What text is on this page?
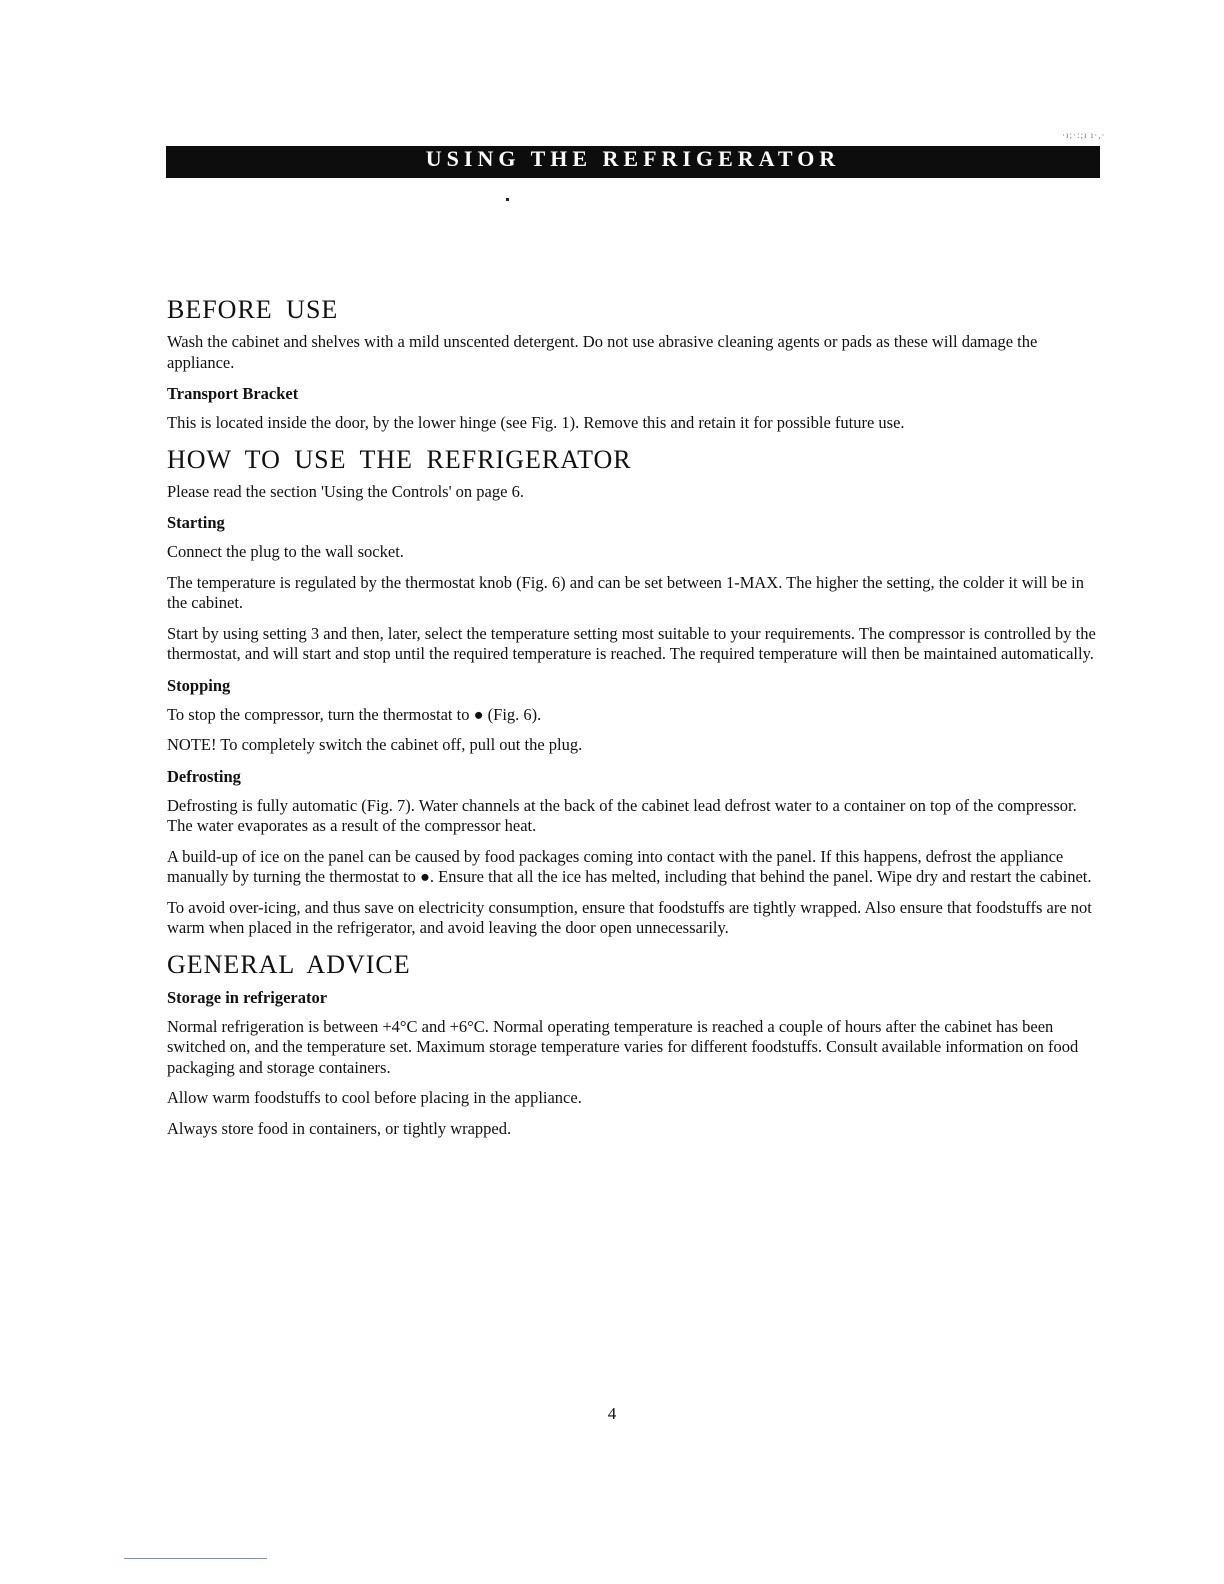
·ı;·:;ı ı·,·
USING THE REFRIGERATOR
BEFORE USE

Wash the cabinet and shelves with a mild unscented detergent. Do not use abrasive cleaning agents or pads as these will damage the appliance.

Transport Bracket

This is located inside the door, by the lower hinge (see Fig. 1). Remove this and retain it for possible future use.

HOW TO USE THE REFRIGERATOR

Please read the section 'Using the Controls' on page 6.

Starting

Connect the plug to the wall socket.

The temperature is regulated by the thermostat knob (Fig. 6) and can be set between 1-MAX. The higher the setting, the colder it will be in the cabinet.

Start by using setting 3 and then, later, select the temperature setting most suitable to your requirements. The compressor is controlled by the thermostat, and will start and stop until the required temperature is reached. The required temperature will then be maintained automatically.

Stopping

To stop the compressor, turn the thermostat to ● (Fig. 6).

NOTE! To completely switch the cabinet off, pull out the plug.

Defrosting

Defrosting is fully automatic (Fig. 7). Water channels at the back of the cabinet lead defrost water to a container on top of the compressor. The water evaporates as a result of the compressor heat.

A build-up of ice on the panel can be caused by food packages coming into contact with the panel. If this happens, defrost the appliance manually by turning the thermostat to ●. Ensure that all the ice has melted, including that behind the panel. Wipe dry and restart the cabinet.

To avoid over-icing, and thus save on electricity consumption, ensure that foodstuffs are tightly wrapped. Also ensure that foodstuffs are not warm when placed in the refrigerator, and avoid leaving the door open unnecessarily.

GENERAL ADVICE
Storage in refrigerator

Normal refrigeration is between +4°C and +6°C. Normal operating temperature is reached a couple of hours after the cabinet has been switched on, and the temperature set. Maximum storage temperature varies for different foodstuffs. Consult available information on food packaging and storage containers.

Allow warm foodstuffs to cool before placing in the appliance.

Always store food in containers, or tightly wrapped.

4
